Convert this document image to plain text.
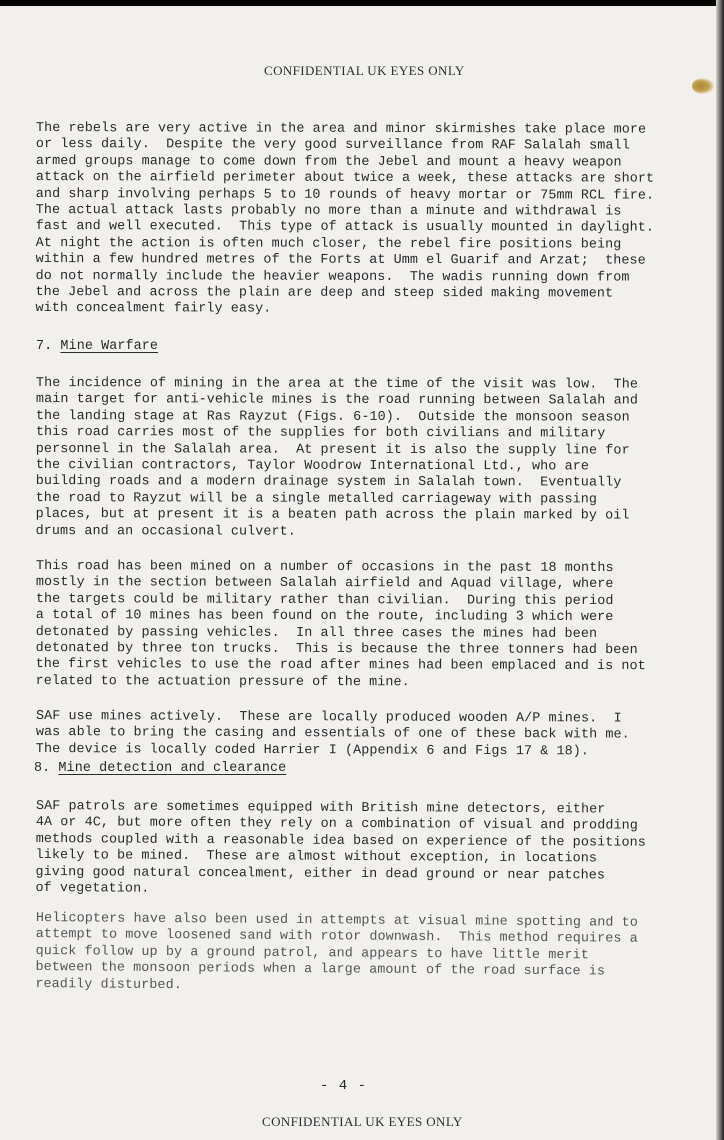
CONFIDENTIAL UK EYES ONLY
The rebels are very active in the area and minor skirmishes take place more
or less daily.  Despite the very good surveillance from RAF Salalah small
armed groups manage to come down from the Jebel and mount a heavy weapon
attack on the airfield perimeter about twice a week, these attacks are short
and sharp involving perhaps 5 to 10 rounds of heavy mortar or 75mm RCL fire.
The actual attack lasts probably no more than a minute and withdrawal is
fast and well executed.  This type of attack is usually mounted in daylight.
At night the action is often much closer, the rebel fire positions being
within a few hundred metres of the Forts at Umm el Guarif and Arzat;  these
do not normally include the heavier weapons.  The wadis running down from
the Jebel and across the plain are deep and steep sided making movement
with concealment fairly easy.
7. Mine Warfare
The incidence of mining in the area at the time of the visit was low.  The
main target for anti-vehicle mines is the road running between Salalah and
the landing stage at Ras Rayzut (Figs. 6-10).  Outside the monsoon season
this road carries most of the supplies for both civilians and military
personnel in the Salalah area.  At present it is also the supply line for
the civilian contractors, Taylor Woodrow International Ltd., who are
building roads and a modern drainage system in Salalah town.  Eventually
the road to Rayzut will be a single metalled carriageway with passing
places, but at present it is a beaten path across the plain marked by oil
drums and an occasional culvert.
This road has been mined on a number of occasions in the past 18 months
mostly in the section between Salalah airfield and Aquad village, where
the targets could be military rather than civilian.  During this period
a total of 10 mines has been found on the route, including 3 which were
detonated by passing vehicles.  In all three cases the mines had been
detonated by three ton trucks.  This is because the three tonners had been
the first vehicles to use the road after mines had been emplaced and is not
related to the actuation pressure of the mine.
SAF use mines actively.  These are locally produced wooden A/P mines.  I
was able to bring the casing and essentials of one of these back with me.
The device is locally coded Harrier I (Appendix 6 and Figs 17 & 18).
8. Mine detection and clearance
SAF patrols are sometimes equipped with British mine detectors, either
4A or 4C, but more often they rely on a combination of visual and prodding
methods coupled with a reasonable idea based on experience of the positions
likely to be mined.  These are almost without exception, in locations
giving good natural concealment, either in dead ground or near patches
of vegetation.
Helicopters have also been used in attempts at visual mine spotting and to
attempt to move loosened sand with rotor downwash.  This method requires a
quick follow up by a ground patrol, and appears to have little merit
between the monsoon periods when a large amount of the road surface is
readily disturbed.
- 4 -
CONFIDENTIAL UK EYES ONLY
